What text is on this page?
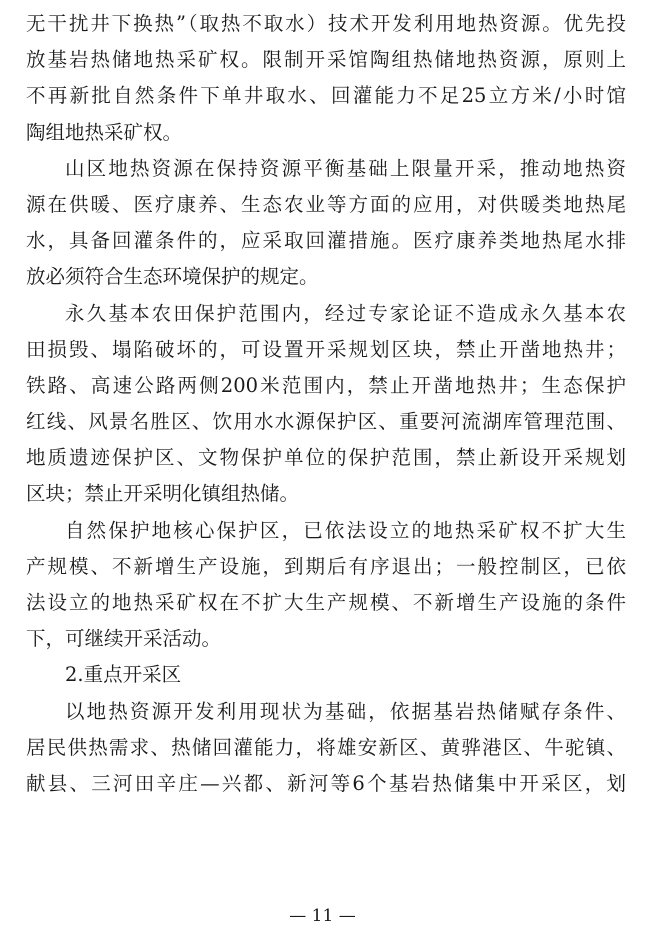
无干扰井下换热”（取热不取水）技术开发利用地热资源。优先投
放基岩热储地热采矿权。限制开采馆陶组热储地热资源，原则上
不再新批自然条件下单井取水、回灌能力不足25立方米/小时馆
陶组地热采矿权。
山区地热资源在保持资源平衡基础上限量开采，推动地热资
源在供暖、医疗康养、生态农业等方面的应用，对供暖类地热尾
水，具备回灌条件的，应采取回灌措施。医疗康养类地热尾水排
放必须符合生态环境保护的规定。
永久基本农田保护范围内，经过专家论证不造成永久基本农
田损毁、塌陷破坏的，可设置开采规划区块，禁止开凿地热井；
铁路、高速公路两侧200米范围内，禁止开凿地热井；生态保护
红线、风景名胜区、饮用水水源保护区、重要河流湖库管理范围、
地质遗迹保护区、文物保护单位的保护范围，禁止新设开采规划
区块；禁止开采明化镇组热储。
自然保护地核心保护区，已依法设立的地热采矿权不扩大生
产规模、不新增生产设施，到期后有序退出；一般控制区，已依
法设立的地热采矿权在不扩大生产规模、不新增生产设施的条件
下，可继续开采活动。
2.重点开采区
以地热资源开发利用现状为基础，依据基岩热储赋存条件、
居民供热需求、热储回灌能力，将雄安新区、黄骅港区、牛驼镇、
献县、三河田辛庄—兴都、新河等6个基岩热储集中开采区，划
— 11 —
